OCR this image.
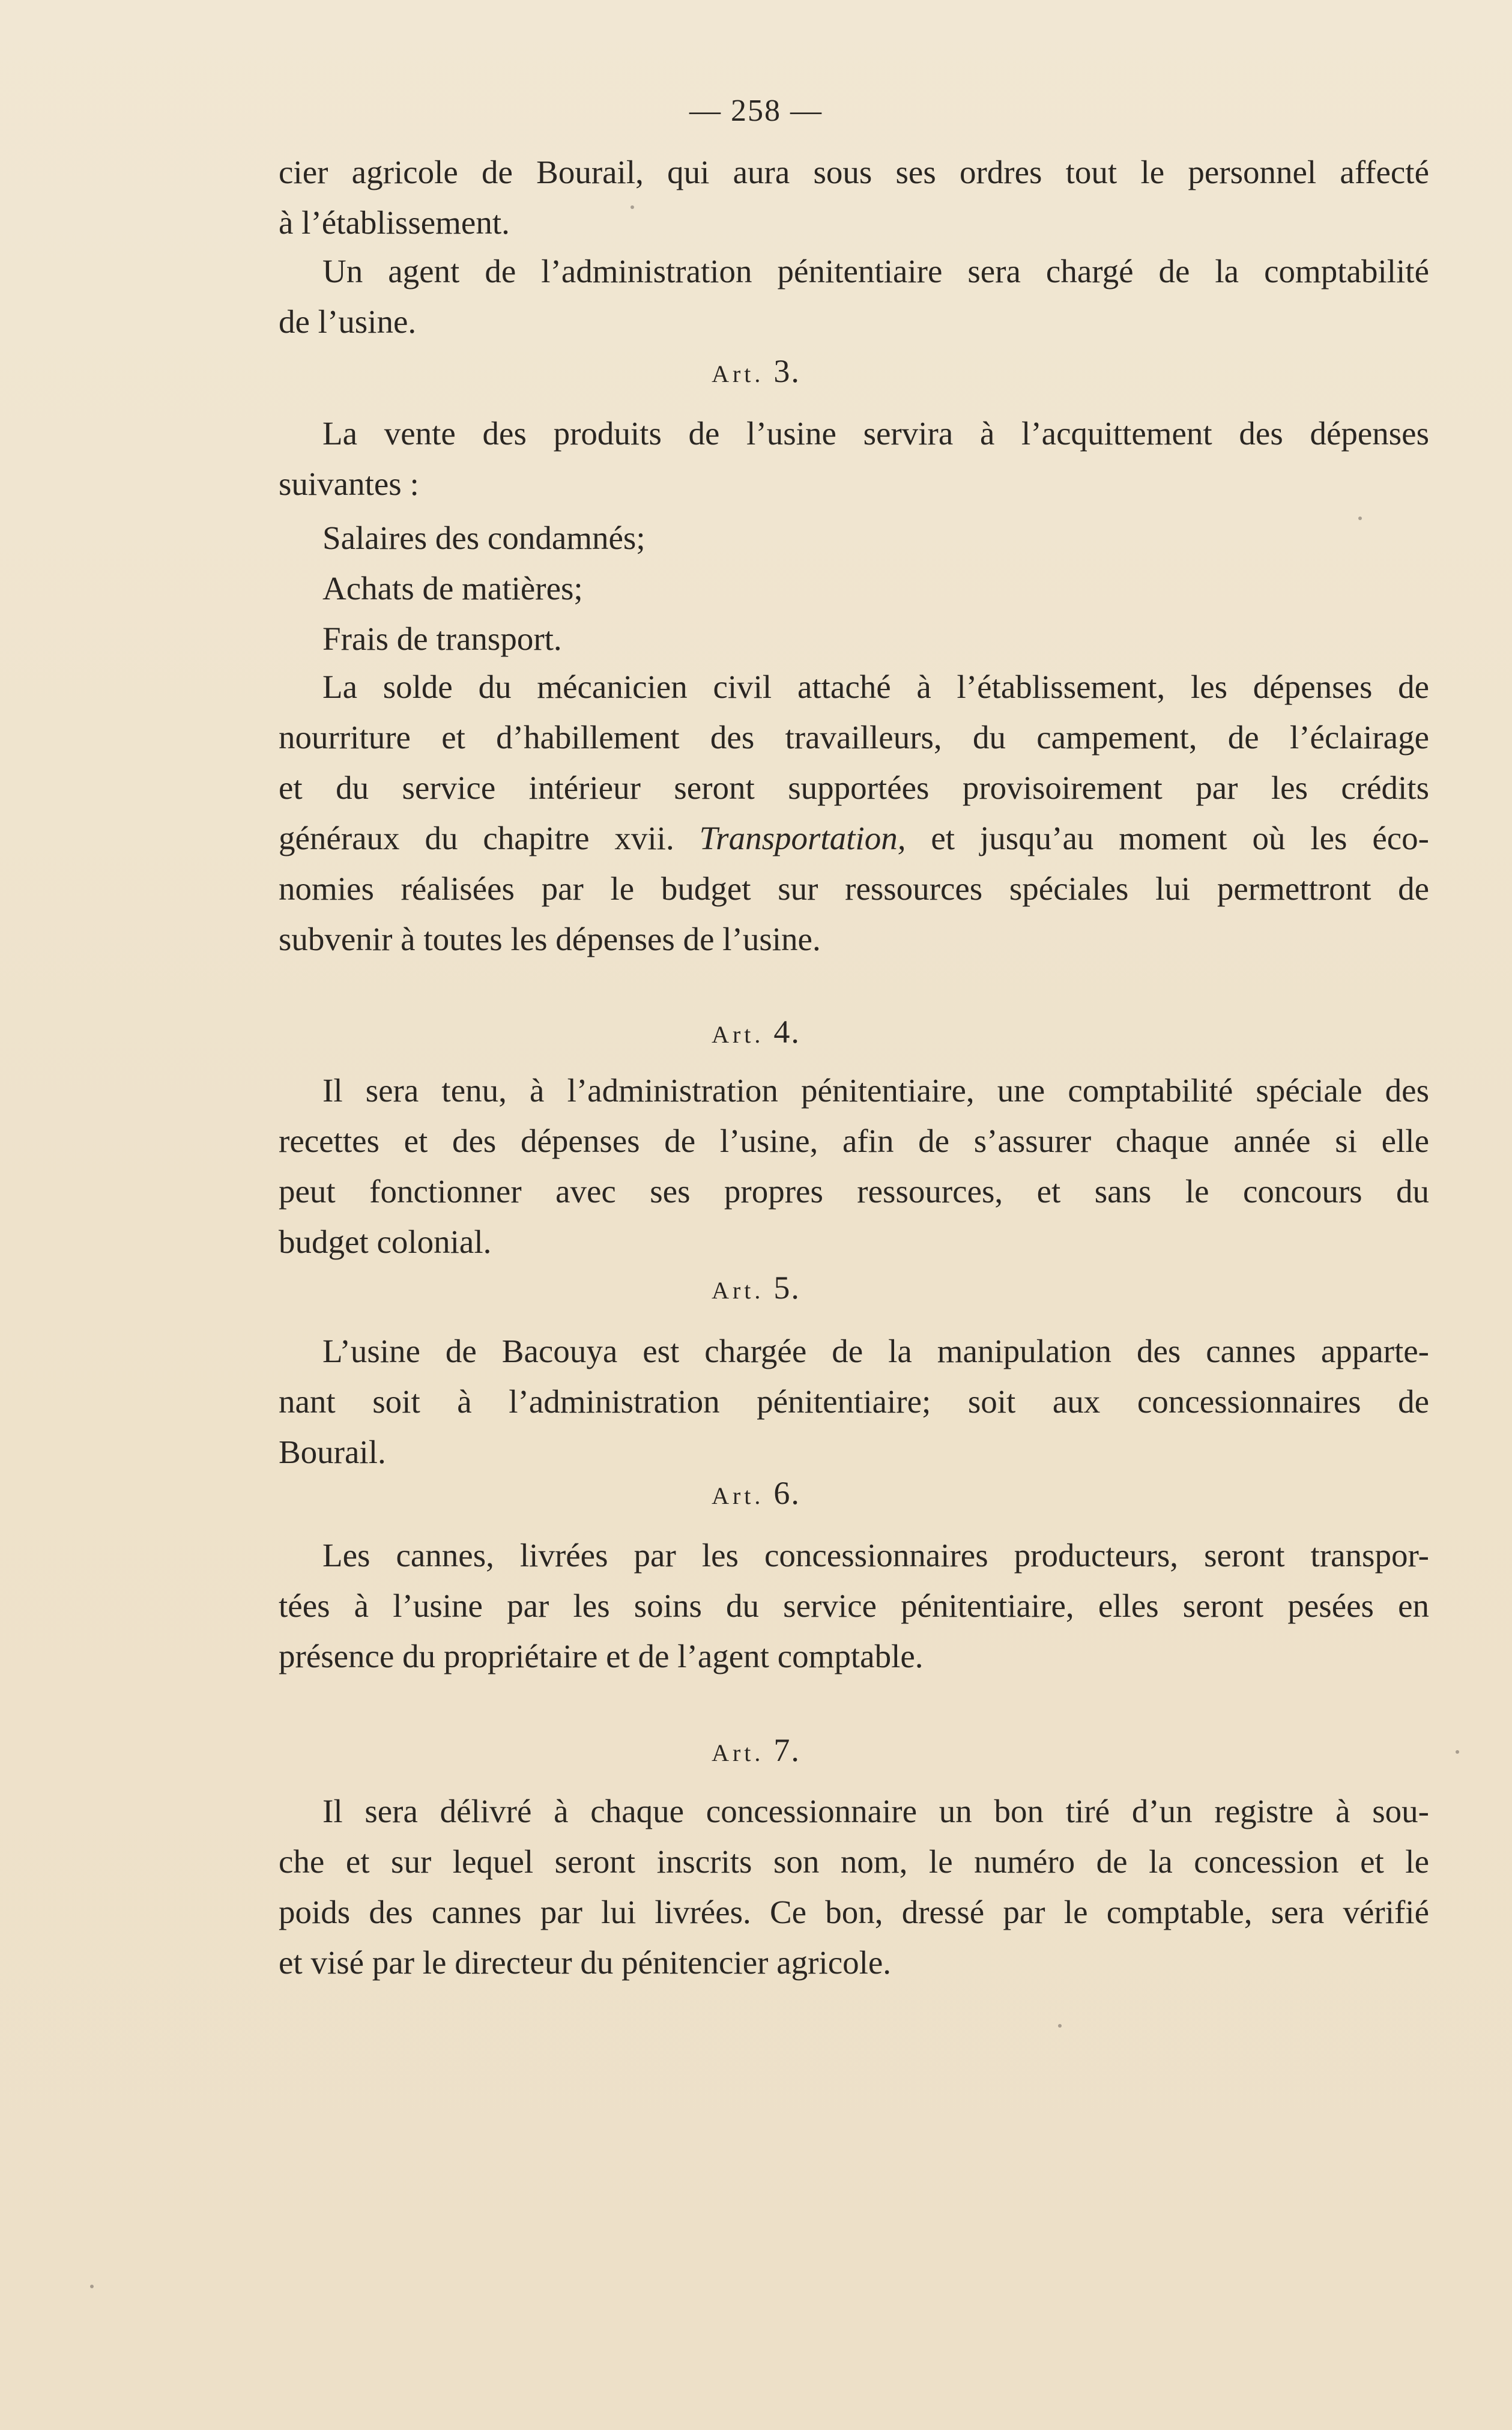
— 258 —
cier agricole de Bourail, qui aura sous ses ordres tout le personnel affecté
à l’établissement.
Un agent de l’administration pénitentiaire sera chargé de la comptabilité
de l’usine.
Art. 3.
La vente des produits de l’usine servira à l’acquittement des dépenses
suivantes :
Salaires des condamnés;
Achats de matières;
Frais de transport.
La solde du mécanicien civil attaché à l’établissement, les dépenses de
nourriture et d’habillement des travailleurs, du campement, de l’éclairage
et du service intérieur seront supportées provisoirement par les crédits
généraux du chapitre xvii. Transportation, et jusqu’au moment où les éco-
nomies réalisées par le budget sur ressources spéciales lui permettront de
subvenir à toutes les dépenses de l’usine.
Art. 4.
Il sera tenu, à l’administration pénitentiaire, une comptabilité spéciale des
recettes et des dépenses de l’usine, afin de s’assurer chaque année si elle
peut fonctionner avec ses propres ressources, et sans le concours du
budget colonial.
Art. 5.
L’usine de Bacouya est chargée de la manipulation des cannes apparte-
nant soit à l’administration pénitentiaire; soit aux concessionnaires de
Bourail.
Art. 6.
Les cannes, livrées par les concessionnaires producteurs, seront transpor-
tées à l’usine par les soins du service pénitentiaire, elles seront pesées en
présence du propriétaire et de l’agent comptable.
Art. 7.
Il sera délivré à chaque concessionnaire un bon tiré d’un registre à sou-
che et sur lequel seront inscrits son nom, le numéro de la concession et le
poids des cannes par lui livrées. Ce bon, dressé par le comptable, sera vérifié
et visé par le directeur du pénitencier agricole.
